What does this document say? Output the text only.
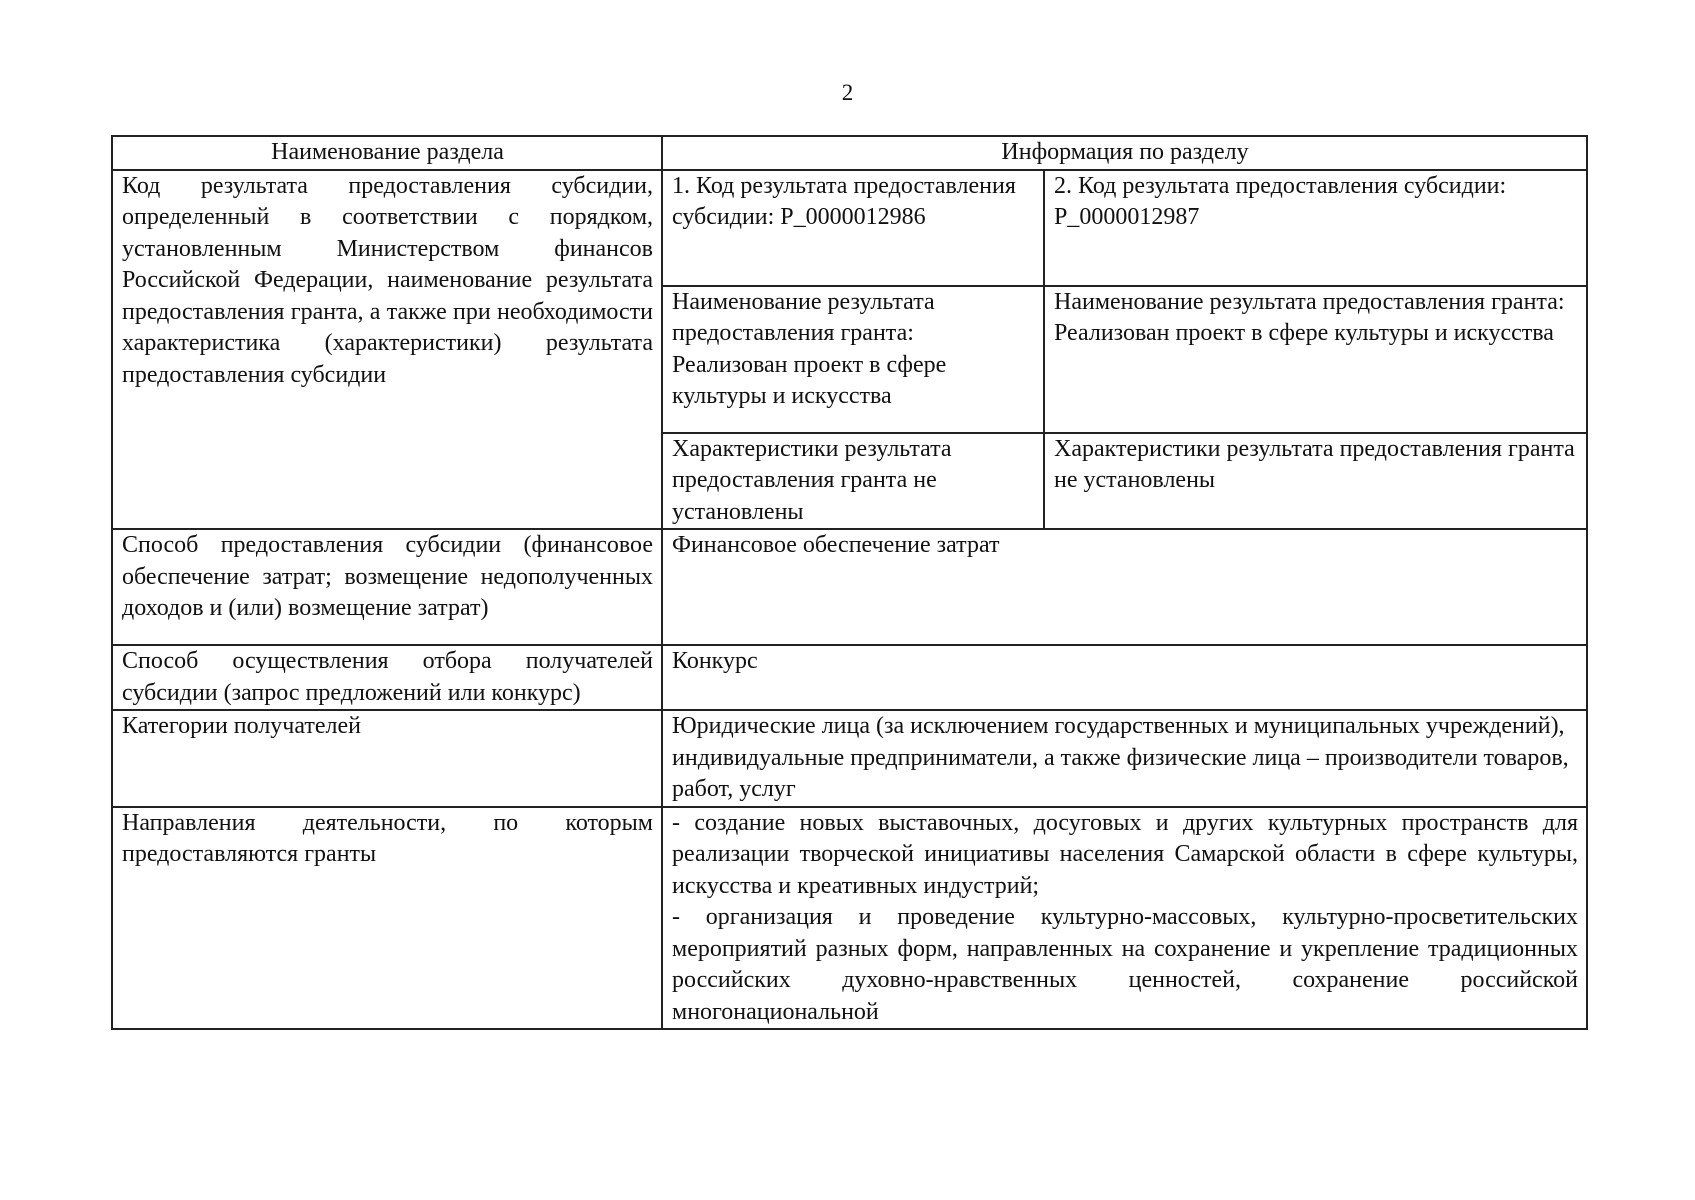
2
Наименование раздела	Информация по разделу	
Код результата предоставления субсидии, определенный в соответствии с порядком, установленным Министерством финансов Российской Федерации, наименование результата предоставления гранта, а также при необходимости характеристика (характеристики) результата предоставления субсидии	1. Код результата предоставления субсидии: Р_0000012986	2. Код результата предоставления субсидии: Р_0000012987
	Наименование результата предоставления гранта: Реализован проект в сфере культуры и искусства	Наименование результата предоставления гранта: Реализован проект в сфере культуры и искусства
	Характеристики результата предоставления гранта не установлены	Характеристики результата предоставления гранта не установлены
Способ предоставления субсидии (финансовое обеспечение затрат; возмещение недополученных доходов и (или) возмещение затрат)	Финансовое обеспечение затрат	
Способ осуществления отбора получателей субсидии (запрос предложений или конкурс)	Конкурс	
Категории получателей	Юридические лица (за исключением государственных и муниципальных учреждений), индивидуальные предприниматели, а также физические лица – производители товаров, работ, услуг	
Направления деятельности, по которым предоставляются гранты	- создание новых выставочных, досуговых и других культурных пространств для реализации творческой инициативы населения Самарской области в сфере культуры, искусства и креативных индустрий;
- организация и проведение культурно-массовых, культурно-просветительских мероприятий разных форм, направленных на сохранение и укрепление традиционных российских духовно-нравственных ценностей, сохранение российской многонациональной	
